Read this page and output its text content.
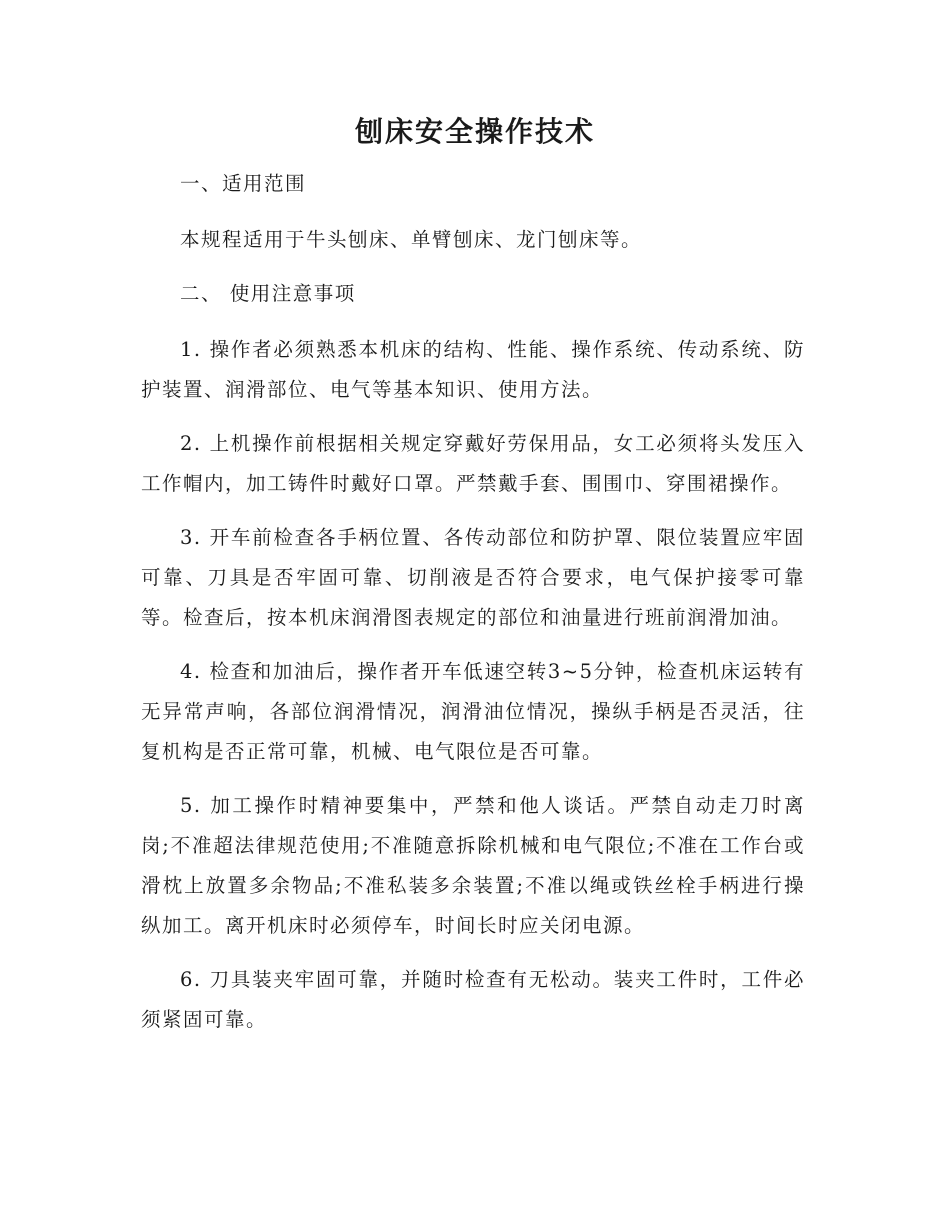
刨床安全操作技术

一、适用范围

本规程适用于牛头刨床、单臂刨床、龙门刨床等。

二、 使用注意事项

1. 操作者必须熟悉本机床的结构、性能、操作系统、传动系统、防护装置、润滑部位、电气等基本知识、使用方法。

2. 上机操作前根据相关规定穿戴好劳保用品，女工必须将头发压入工作帽内，加工铸件时戴好口罩。严禁戴手套、围围巾、穿围裙操作。

3. 开车前检查各手柄位置、各传动部位和防护罩、限位装置应牢固可靠、刀具是否牢固可靠、切削液是否符合要求，电气保护接零可靠等。检查后，按本机床润滑图表规定的部位和油量进行班前润滑加油。

4. 检查和加油后，操作者开车低速空转3~5分钟，检查机床运转有无异常声响，各部位润滑情况，润滑油位情况，操纵手柄是否灵活，往复机构是否正常可靠，机械、电气限位是否可靠。

5. 加工操作时精神要集中，严禁和他人谈话。严禁自动走刀时离岗;不准超法律规范使用;不准随意拆除机械和电气限位;不准在工作台或滑枕上放置多余物品;不准私装多余装置;不准以绳或铁丝栓手柄进行操纵加工。离开机床时必须停车，时间长时应关闭电源。

6. 刀具装夹牢固可靠，并随时检查有无松动。装夹工件时，工件必须紧固可靠。
